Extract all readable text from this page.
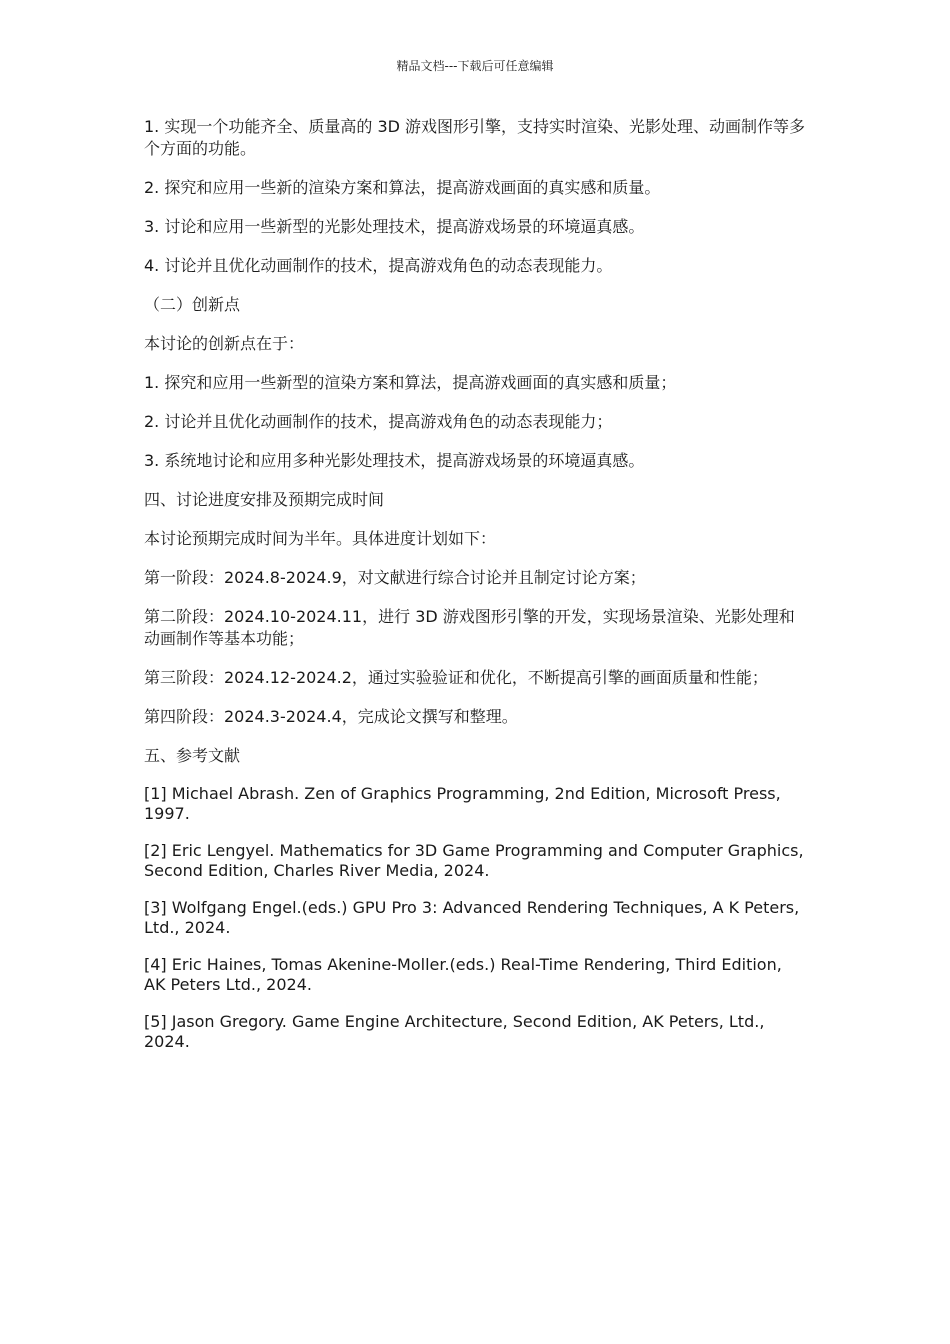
精品文档---下载后可任意编辑

1. 实现一个功能齐全、质量高的 3D 游戏图形引擎，支持实时渲染、光影处理、动画制作等多个方面的功能。

2. 探究和应用一些新的渲染方案和算法，提高游戏画面的真实感和质量。

3. 讨论和应用一些新型的光影处理技术，提高游戏场景的环境逼真感。

4. 讨论并且优化动画制作的技术，提高游戏角色的动态表现能力。

（二）创新点

本讨论的创新点在于：

1. 探究和应用一些新型的渲染方案和算法，提高游戏画面的真实感和质量；

2. 讨论并且优化动画制作的技术，提高游戏角色的动态表现能力；

3. 系统地讨论和应用多种光影处理技术，提高游戏场景的环境逼真感。

四、讨论进度安排及预期完成时间

本讨论预期完成时间为半年。具体进度计划如下：

第一阶段：2024.8-2024.9，对文献进行综合讨论并且制定讨论方案；

第二阶段：2024.10-2024.11，进行 3D 游戏图形引擎的开发，实现场景渲染、光影处理和动画制作等基本功能；

第三阶段：2024.12-2024.2，通过实验验证和优化，不断提高引擎的画面质量和性能；

第四阶段：2024.3-2024.4，完成论文撰写和整理。

五、参考文献

[1] Michael Abrash. Zen of Graphics Programming, 2nd Edition, Microsoft Press, 1997.

[2] Eric Lengyel. Mathematics for 3D Game Programming and Computer Graphics, Second Edition, Charles River Media, 2024.

[3] Wolfgang Engel.(eds.) GPU Pro 3: Advanced Rendering Techniques, A K Peters, Ltd., 2024.

[4] Eric Haines, Tomas Akenine-Moller.(eds.) Real-Time Rendering, Third Edition, AK Peters Ltd., 2024.

[5] Jason Gregory. Game Engine Architecture, Second Edition, AK Peters, Ltd., 2024.
